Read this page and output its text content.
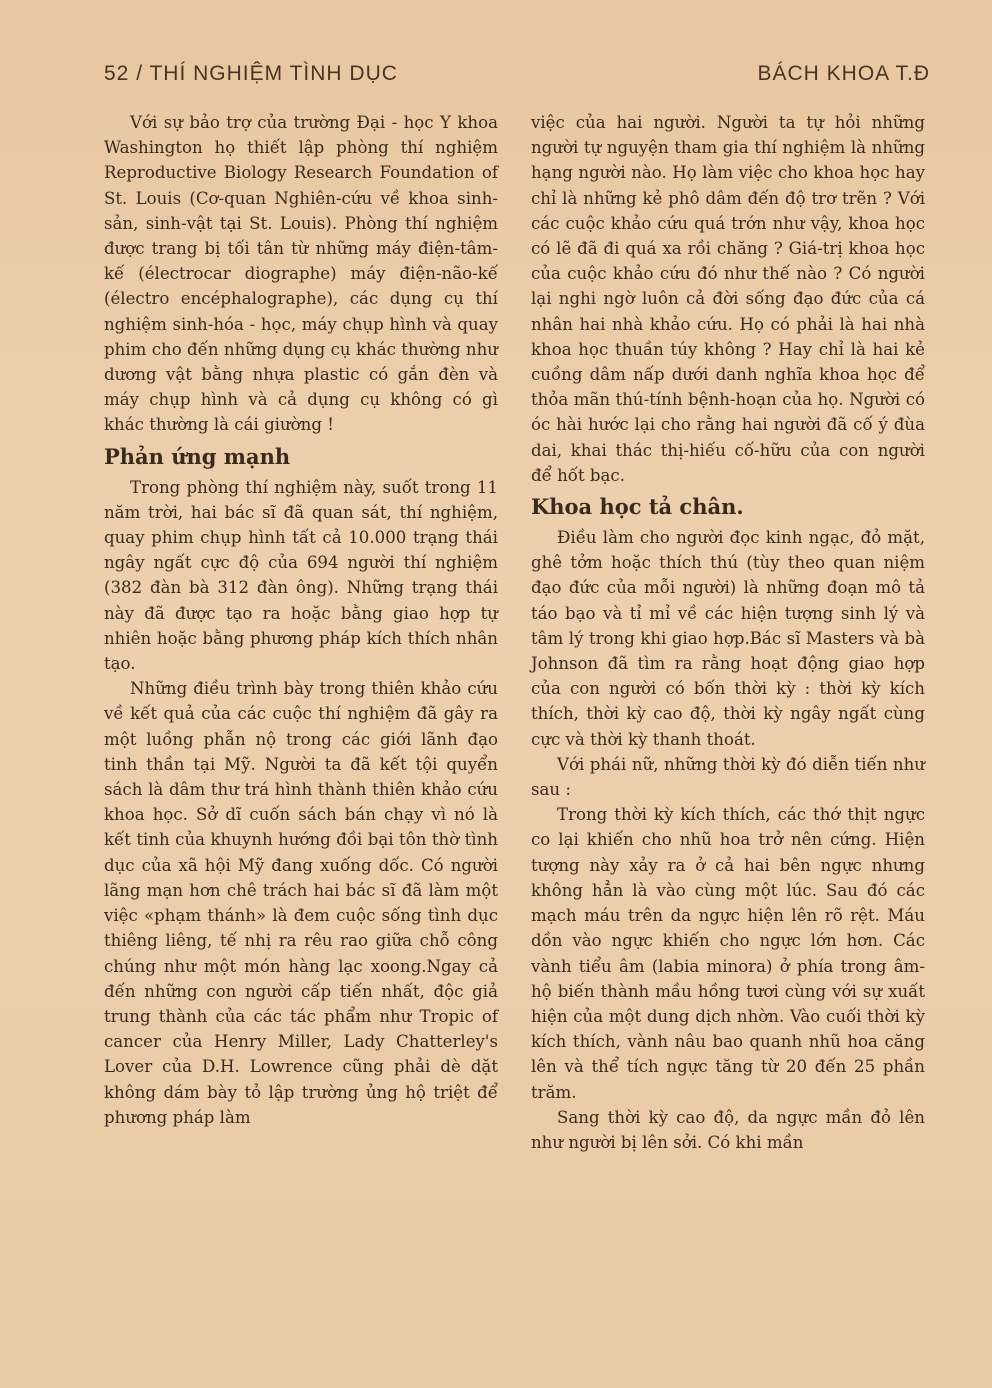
52 / THÍ NGHIỆM TÌNH DỤC	BÁCH KHOA T.Đ

Với sự bảo trợ của trường Đại - học Y khoa Washington họ thiết lập phòng thí nghiệm Reproductive Biology Research Foundation of St. Louis (Cơ-quan Nghiên-cứu về khoa sinh-sản, sinh-vật tại St. Louis). Phòng thí nghiệm được trang bị tối tân từ những máy điện-tâm-kế (électrocar diographe) máy điện-não-kế (électro encéphalographe), các dụng cụ thí nghiệm sinh-hóa - học, máy chụp hình và quay phim cho đến những dụng cụ khác thường như dương vật bằng nhựa plastic có gắn đèn và máy chụp hình và cả dụng cụ không có gì khác thường là cái giường !

Phản ứng mạnh

Trong phòng thí nghiệm này, suốt trong 11 năm trời, hai bác sĩ đã quan sát, thí nghiệm, quay phim chụp hình tất cả 10.000 trạng thái ngây ngất cực độ của 694 người thí nghiệm (382 đàn bà 312 đàn ông). Những trạng thái này đã được tạo ra hoặc bằng giao hợp tự nhiên hoặc bằng phương pháp kích thích nhân tạo.

Những điều trình bày trong thiên khảo cứu về kết quả của các cuộc thí nghiệm đã gây ra một luồng phẫn nộ trong các giới lãnh đạo tinh thần tại Mỹ. Người ta đã kết tội quyển sách là dâm thư trá hình thành thiên khảo cứu khoa học. Sở dĩ cuốn sách bán chạy vì nó là kết tinh của khuynh hướng đồi bại tôn thờ tình dục của xã hội Mỹ đang xuống dốc. Có người lãng mạn hơn chê trách hai bác sĩ đã làm một việc «phạm thánh» là đem cuộc sống tình dục thiêng liêng, tế nhị ra rêu rao giữa chỗ công chúng như một món hàng lạc xoong.Ngay cả đến những con người cấp tiến nhất, độc giả trung thành của các tác phẩm như Tropic of cancer của Henry Miller, Lady Chatterley's Lover của D.H. Lowrence cũng phải dè dặt không dám bày tỏ lập trường ủng hộ triệt để phương pháp làm

việc của hai người. Người ta tự hỏi những người tự nguyện tham gia thí nghiệm là những hạng người nào. Họ làm việc cho khoa học hay chỉ là những kẻ phô dâm đến độ trơ trẽn ? Với các cuộc khảo cứu quá trớn như vậy, khoa học có lẽ đã đi quá xa rồi chăng ? Giá-trị khoa học của cuộc khảo cứu đó như thế nào ? Có người lại nghi ngờ luôn cả đời sống đạo đức của cá nhân hai nhà khảo cứu. Họ có phải là hai nhà khoa học thuần túy không ? Hay chỉ là hai kẻ cuồng dâm nấp dưới danh nghĩa khoa học để thỏa mãn thú-tính bệnh-hoạn của họ. Người có óc hài hước lại cho rằng hai người đã cố ý đùa dai, khai thác thị-hiếu cố-hữu của con người để hốt bạc.

Khoa học tả chân.

Điều làm cho người đọc kinh ngạc, đỏ mặt, ghê tởm hoặc thích thú (tùy theo quan niệm đạo đức của mỗi người) là những đoạn mô tả táo bạo và tỉ mỉ về các hiện tượng sinh lý và tâm lý trong khi giao hợp.Bác sĩ Masters và bà Johnson đã tìm ra rằng hoạt động giao hợp của con người có bốn thời kỳ : thời kỳ kích thích, thời kỳ cao độ, thời kỳ ngây ngất cùng cực và thời kỳ thanh thoát.

Với phái nữ, những thời kỳ đó diễn tiến như sau :

Trong thời kỳ kích thích, các thớ thịt ngực co lại khiến cho nhũ hoa trở nên cứng. Hiện tượng này xảy ra ở cả hai bên ngực nhưng không hẳn là vào cùng một lúc. Sau đó các mạch máu trên da ngực hiện lên rõ rệt. Máu dồn vào ngực khiến cho ngực lớn hơn. Các vành tiểu âm (labia minora) ở phía trong âm-hộ biến thành mầu hồng tươi cùng với sự xuất hiện của một dung dịch nhờn. Vào cuối thời kỳ kích thích, vành nâu bao quanh nhũ hoa căng lên và thể tích ngực tăng từ 20 đến 25 phần trăm.

Sang thời kỳ cao độ, da ngực mần đỏ lên như người bị lên sởi. Có khi mần
